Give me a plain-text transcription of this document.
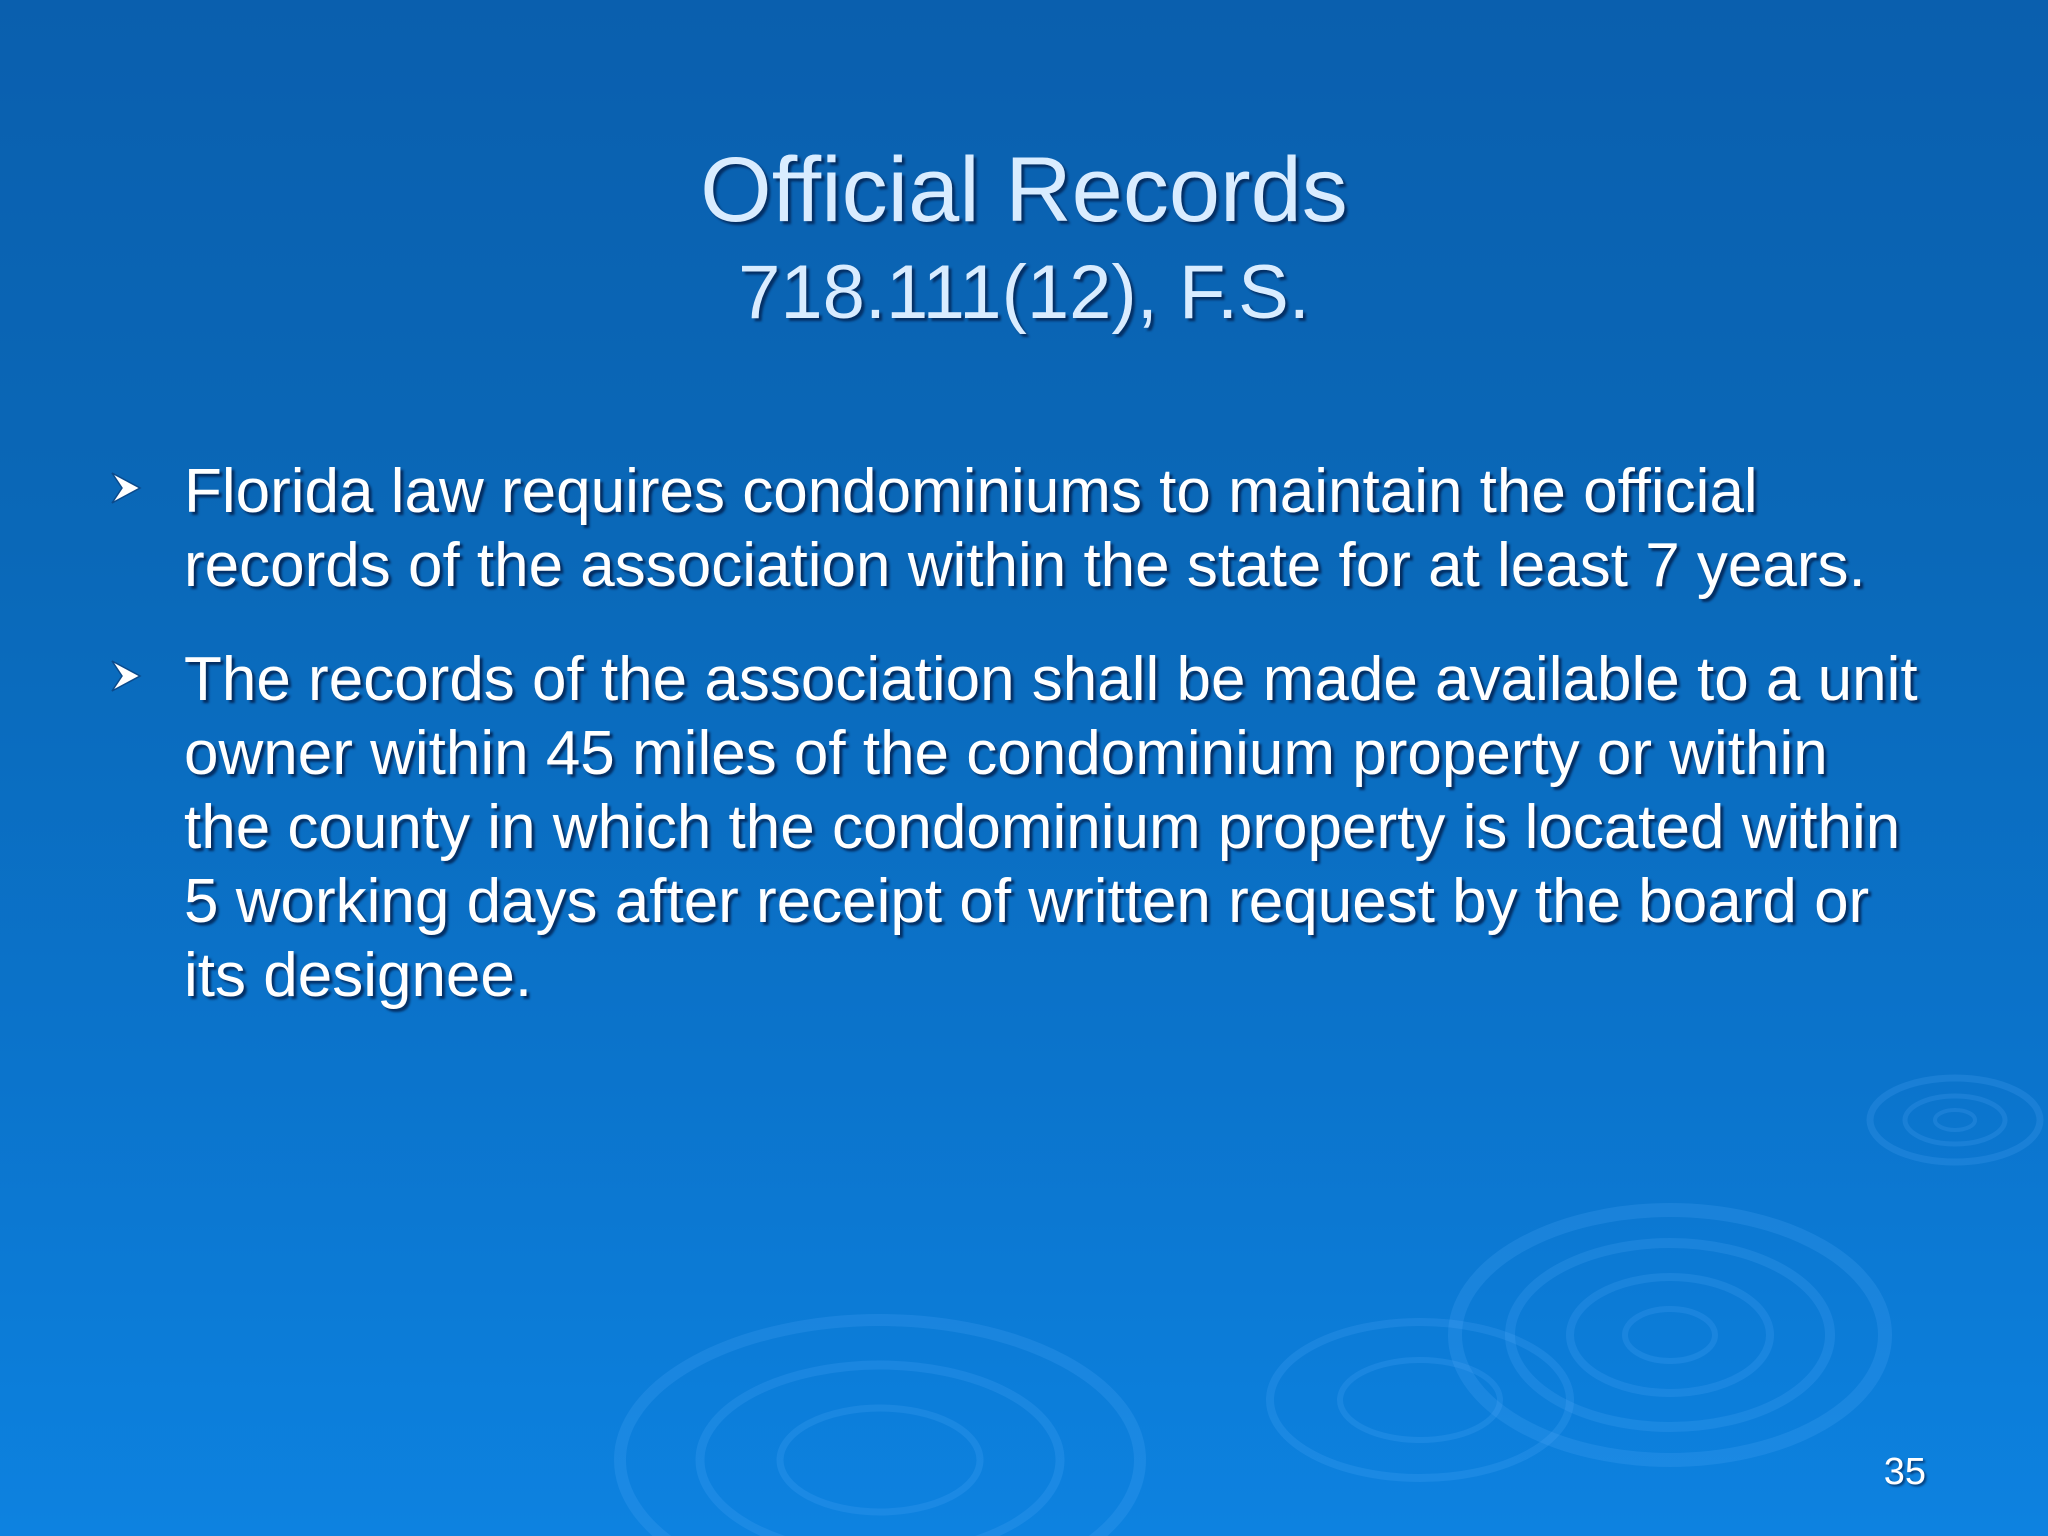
Official Records
718.111(12), F.S.
Florida law requires condominiums to maintain the official records of the association within the state for at least 7 years.
The records of the association shall be made available to a unit owner within 45 miles of the condominium property or within the county in which the condominium property is located within 5 working days after receipt of written request by the board or its designee.
35
